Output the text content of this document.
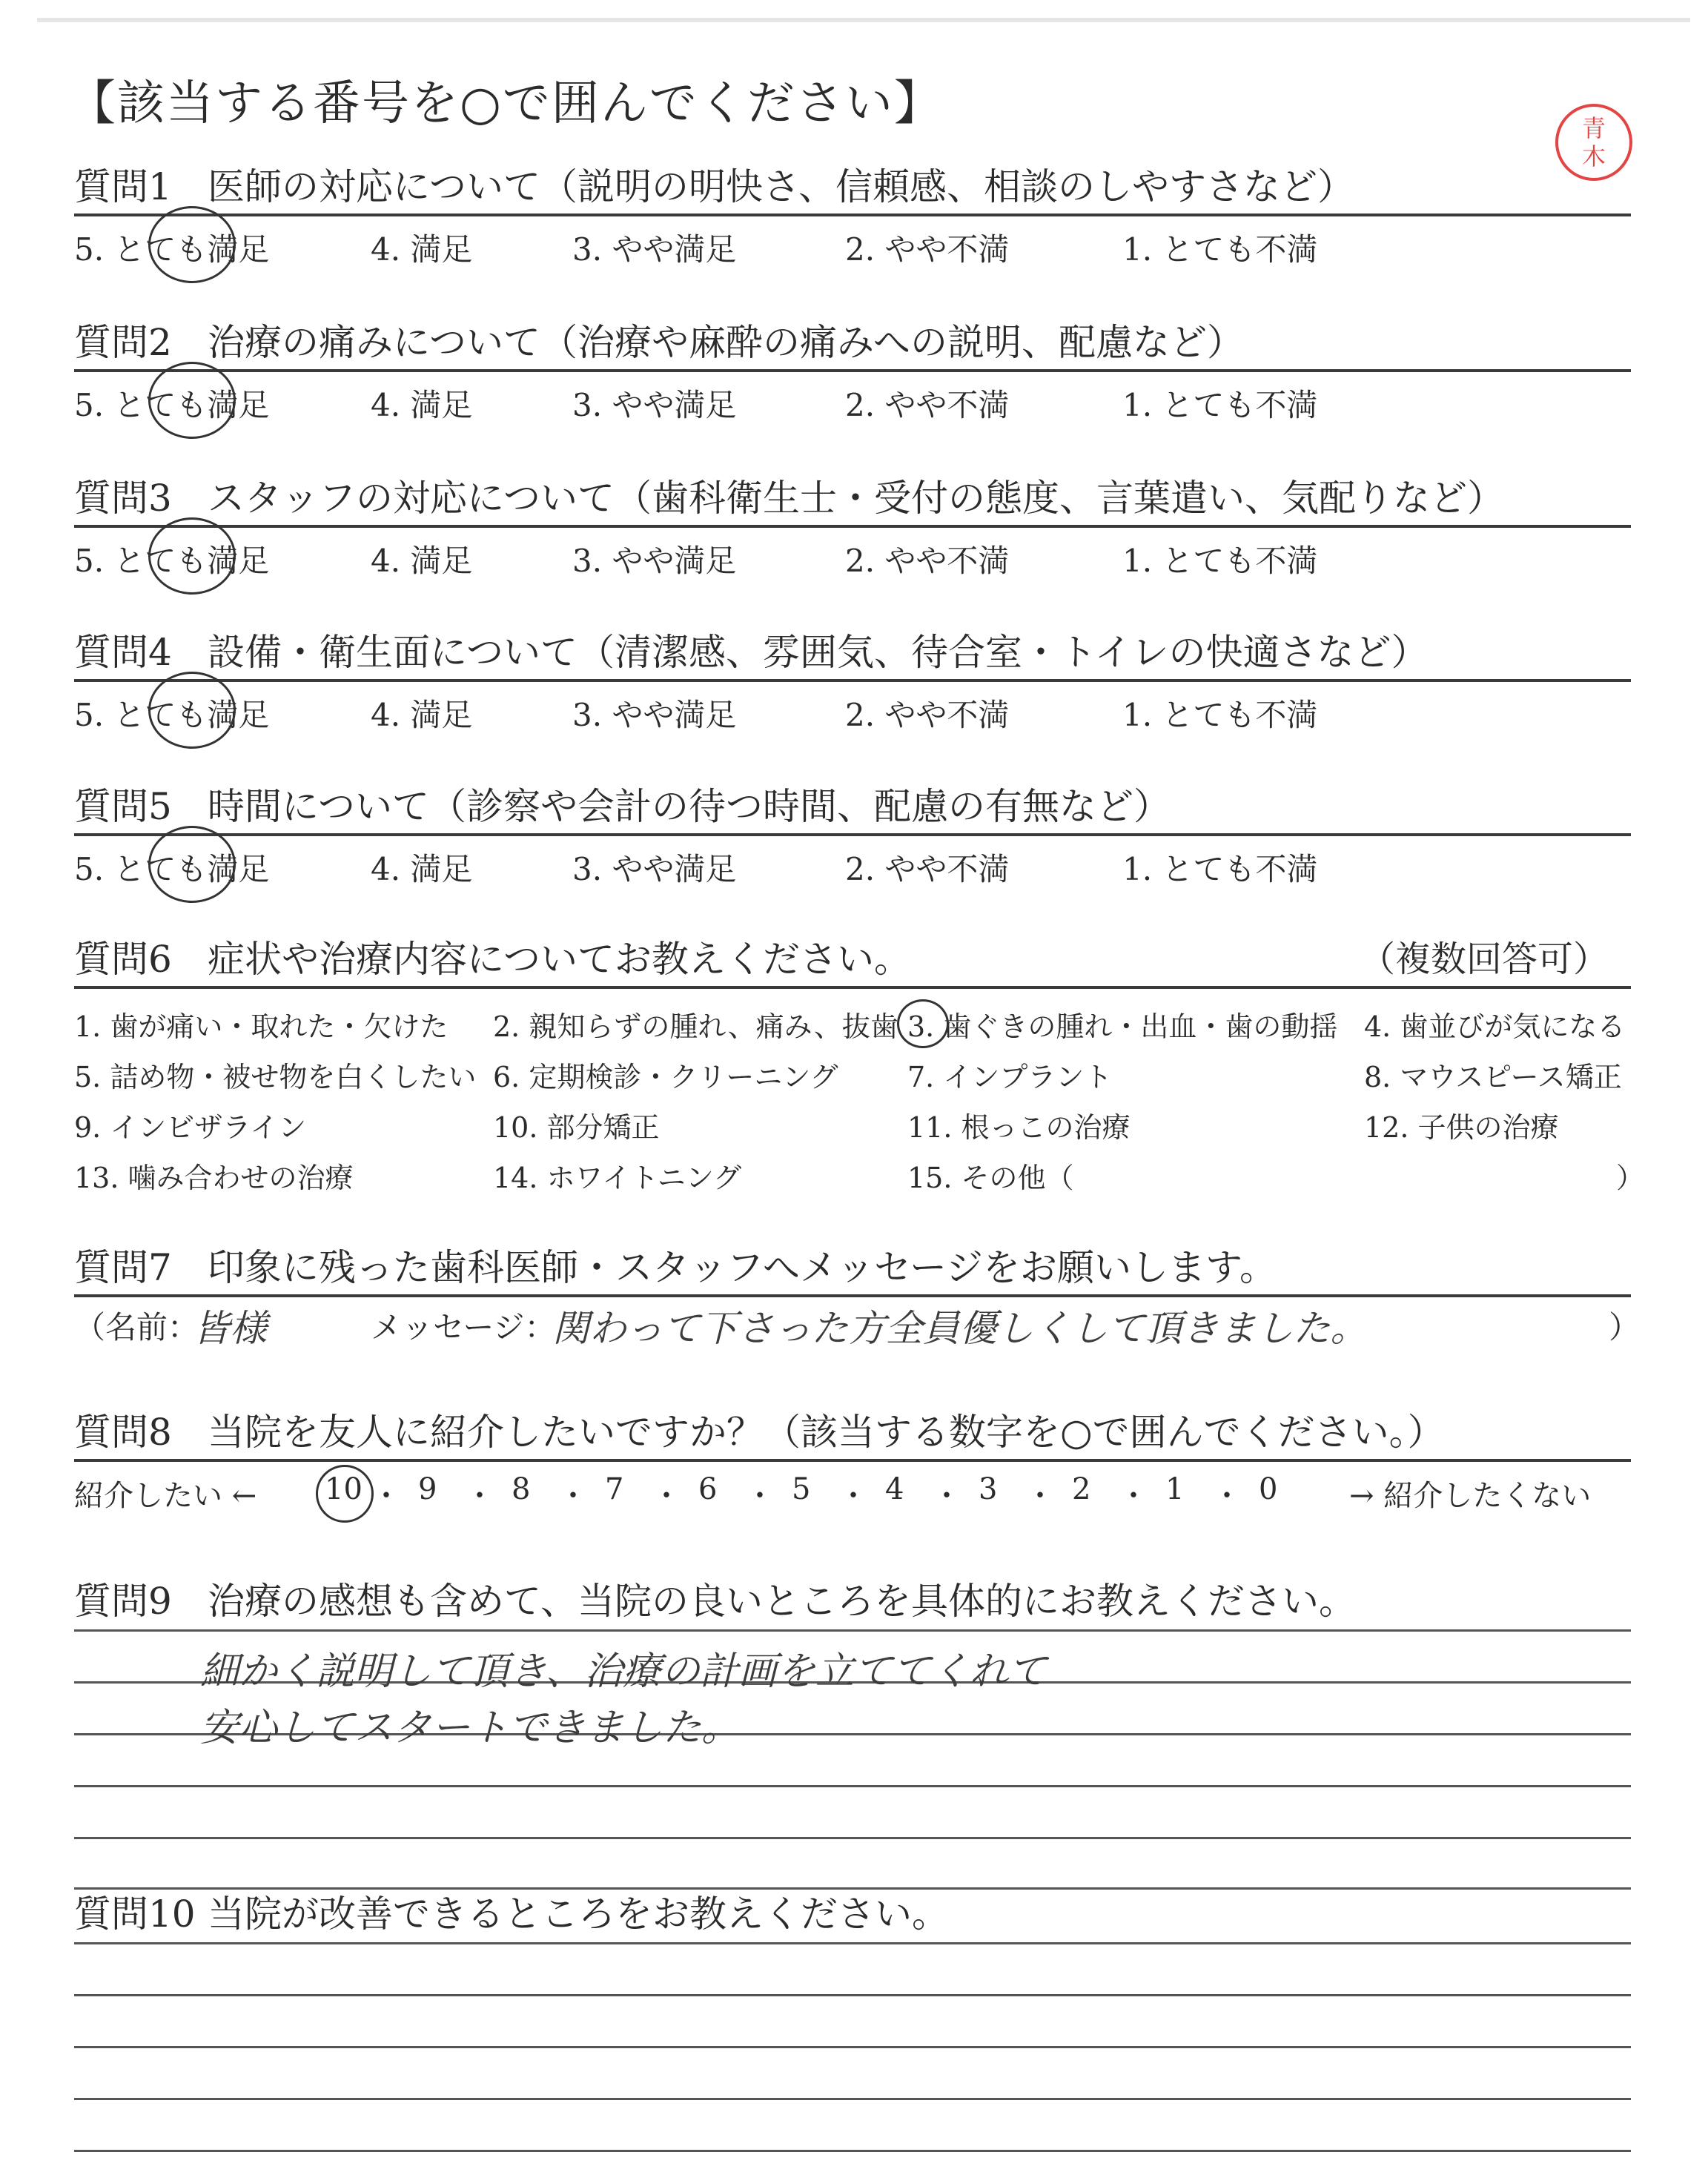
【該当する番号を○で囲んでください】	青
木
質問1 医師の対応について（説明の明快さ、信頼感、相談のしやすさなど）
5. とても満足	4. 満足	3. やや満足	2. やや不満	1. とても不満
質問2 治療の痛みについて（治療や麻酔の痛みへの説明、配慮など）
5. とても満足	4. 満足	3. やや満足	2. やや不満	1. とても不満
質問3 スタッフの対応について（歯科衛生士・受付の態度、言葉遣い、気配りなど）
5. とても満足	4. 満足	3. やや満足	2. やや不満	1. とても不満
質問4 設備・衛生面について（清潔感、雰囲気、待合室・トイレの快適さなど）
5. とても満足	4. 満足	3. やや満足	2. やや不満	1. とても不満
質問5 時間について（診察や会計の待つ時間、配慮の有無など）
5. とても満足	4. 満足	3. やや満足	2. やや不満	1. とても不満
質問6 症状や治療内容についてお教えください。	（複数回答可）
1. 歯が痛い・取れた・欠けた 2. 親知らずの腫れ、痛み、抜歯 3. 歯ぐきの腫れ・出血・歯の動揺 4. 歯並びが気になる
5. 詰め物・被せ物を白くしたい 6. 定期検診・クリーニング 7. インプラント	8. マウスピース矯正
9. インビザライン	10. 部分矯正	11. 根っこの治療	12. 子供の治療
13. 噛み合わせの治療	14. ホワイトニング	15. その他（	）
質問7 印象に残った歯科医師・スタッフへメッセージをお願いします。
（名前：
皆様	メッセージ：
関わって下さった方全員優しくして頂きました。	）
質問8 当院を友人に紹介したいですか？（該当する数字を○で囲んでください。）
紹介したい ←	→ 紹介したくない
10 ・ 9 ・ 8 ・ 7 ・ 6 ・ 5 ・ 4 ・ 3 ・ 2 ・ 1 ・ 0
質問9 治療の感想も含めて、当院の良いところを具体的にお教えください。
細かく説明して頂き、治療の計画を立ててくれて
安心してスタートできました。
質問10 当院が改善できるところをお教えください。
